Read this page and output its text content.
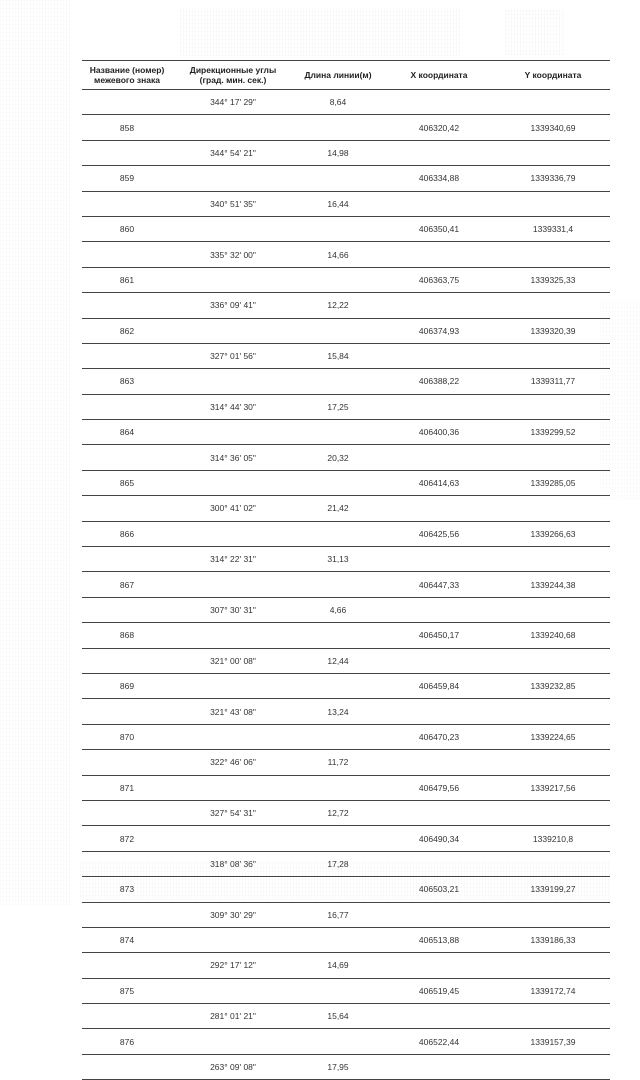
Название (номер)
межевого знака	Дирекционные углы
(град. мин. сек.)	Длина линии(м)	X координата	Y координата
	344° 17' 29"	8,64		
858			406320,42	1339340,69
	344° 54' 21"	14,98		
859			406334,88	1339336,79
	340° 51' 35"	16,44		
860			406350,41	1339331,4
	335° 32' 00"	14,66		
861			406363,75	1339325,33
	336° 09' 41"	12,22		
862			406374,93	1339320,39
	327° 01' 56"	15,84		
863			406388,22	1339311,77
	314° 44' 30"	17,25		
864			406400,36	1339299,52
	314° 36' 05"	20,32		
865			406414,63	1339285,05
	300° 41' 02"	21,42		
866			406425,56	1339266,63
	314° 22' 31"	31,13		
867			406447,33	1339244,38
	307° 30' 31"	4,66		
868			406450,17	1339240,68
	321° 00' 08"	12,44		
869			406459,84	1339232,85
	321° 43' 08"	13,24		
870			406470,23	1339224,65
	322° 46' 06"	11,72		
871			406479,56	1339217,56
	327° 54' 31"	12,72		
872			406490,34	1339210,8
	318° 08' 36"	17,28		
873			406503,21	1339199,27
	309° 30' 29"	16,77		
874			406513,88	1339186,33
	292° 17' 12"	14,69		
875			406519,45	1339172,74
	281° 01' 21"	15,64		
876			406522,44	1339157,39
	263° 09' 08"	17,95		
